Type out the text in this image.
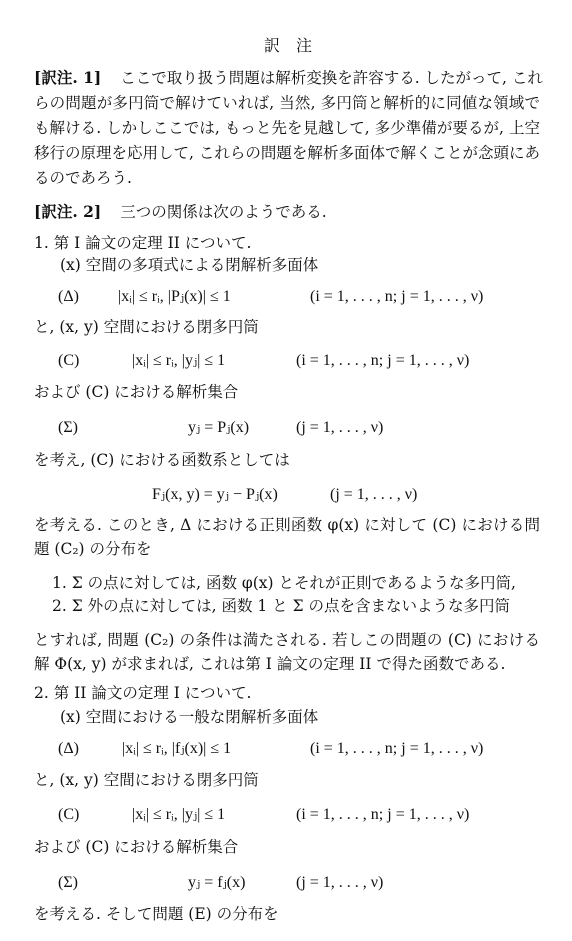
訳　注
[訳注. 1] ここで取り扱う問題は解析変換を許容する. したがって, これ
らの問題が多円筒で解けていれば, 当然, 多円筒と解析的に同値な領域で
も解ける. しかしここでは, もっと先を見越して, 多少準備が要るが, 上空
移行の原理を応用して, これらの問題を解析多面体で解くことが念頭にあ
るのであろう.
[訳注. 2] 三つの関係は次のようである.
1. 第 I 論文の定理 II について.
(x) 空間の多項式による閉解析多面体
(Δ) |xᵢ| ≤ rᵢ, |Pⱼ(x)| ≤ 1	(i = 1, . . . , n; j = 1, . . . , ν)
と, (x, y) 空間における閉多円筒
(C)	|xᵢ| ≤ rᵢ, |yⱼ| ≤ 1	(i = 1, . . . , n; j = 1, . . . , ν)
および (C) における解析集合
(Σ)	yⱼ = Pⱼ(x)	(j = 1, . . . , ν)
を考え, (C) における函数系としては
Fⱼ(x, y) = yⱼ − Pⱼ(x)	(j = 1, . . . , ν)
を考える. このとき, Δ における正則函数 φ(x) に対して (C) における問
題 (C₂) の分布を
1. Σ の点に対しては, 函数 φ(x) とそれが正則であるような多円筒,
2. Σ 外の点に対しては, 函数 1 と Σ の点を含まないような多円筒
とすれば, 問題 (C₂) の条件は満たされる. 若しこの問題の (C) における
解 Φ(x, y) が求まれば, これは第 I 論文の定理 II で得た函数である.
2. 第 II 論文の定理 I について.
(x) 空間における一般な閉解析多面体
(Δ)	|xᵢ| ≤ rᵢ, |fⱼ(x)| ≤ 1	(i = 1, . . . , n; j = 1, . . . , ν)
と, (x, y) 空間における閉多円筒
(C)	|xᵢ| ≤ rᵢ, |yⱼ| ≤ 1	(i = 1, . . . , n; j = 1, . . . , ν)
および (C) における解析集合
(Σ)	yⱼ = fⱼ(x)	(j = 1, . . . , ν)
を考える. そして問題 (E) の分布を
